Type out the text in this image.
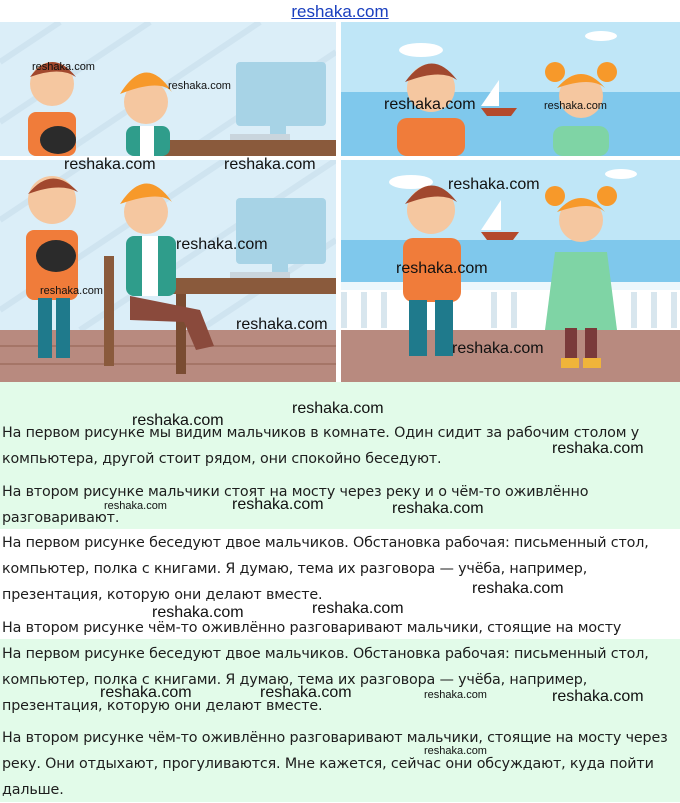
reshaka.com

На первом рисунке мы видим мальчиков в комнате. Один сидит за рабочим столом у компьютера, другой стоит рядом, они спокойно беседуют.

На втором рисунке мальчики стоят на мосту через реку и о чём-то оживлённо разговаривают.

На первом рисунке беседуют двое мальчиков. Обстановка рабочая: письменный стол, компьютер, полка с книгами. Я думаю, тема их разговора — учёба, например, презентация, которую они делают вместе.

На втором рисунке чём-то оживлённо разговаривают мальчики, стоящие на мосту

На первом рисунке беседуют двое мальчиков. Обстановка рабочая: письменный стол, компьютер, полка с книгами. Я думаю, тема их разговора — учёба, например, презентация, которую они делают вместе.

На втором рисунке чём-то оживлённо разговаривают мальчики, стоящие на мосту через реку. Они отдыхают, прогуливаются. Мне кажется, сейчас они обсуждают, куда пойти дальше.

reshaka.com
reshaka.com
reshaka.com	reshaka.com
reshaka.com	reshaka.com
reshaka.com
reshaka.com
reshaka.com
reshaka.com
reshaka.com
reshaka.com
reshaka.com
reshaka.com
reshaka.com
reshaka.com	reshaka.com	reshaka.com
reshaka.com
reshaka.com
reshaka.com
reshaka.com	reshaka.com	reshaka.com	reshaka.com
reshaka.com
